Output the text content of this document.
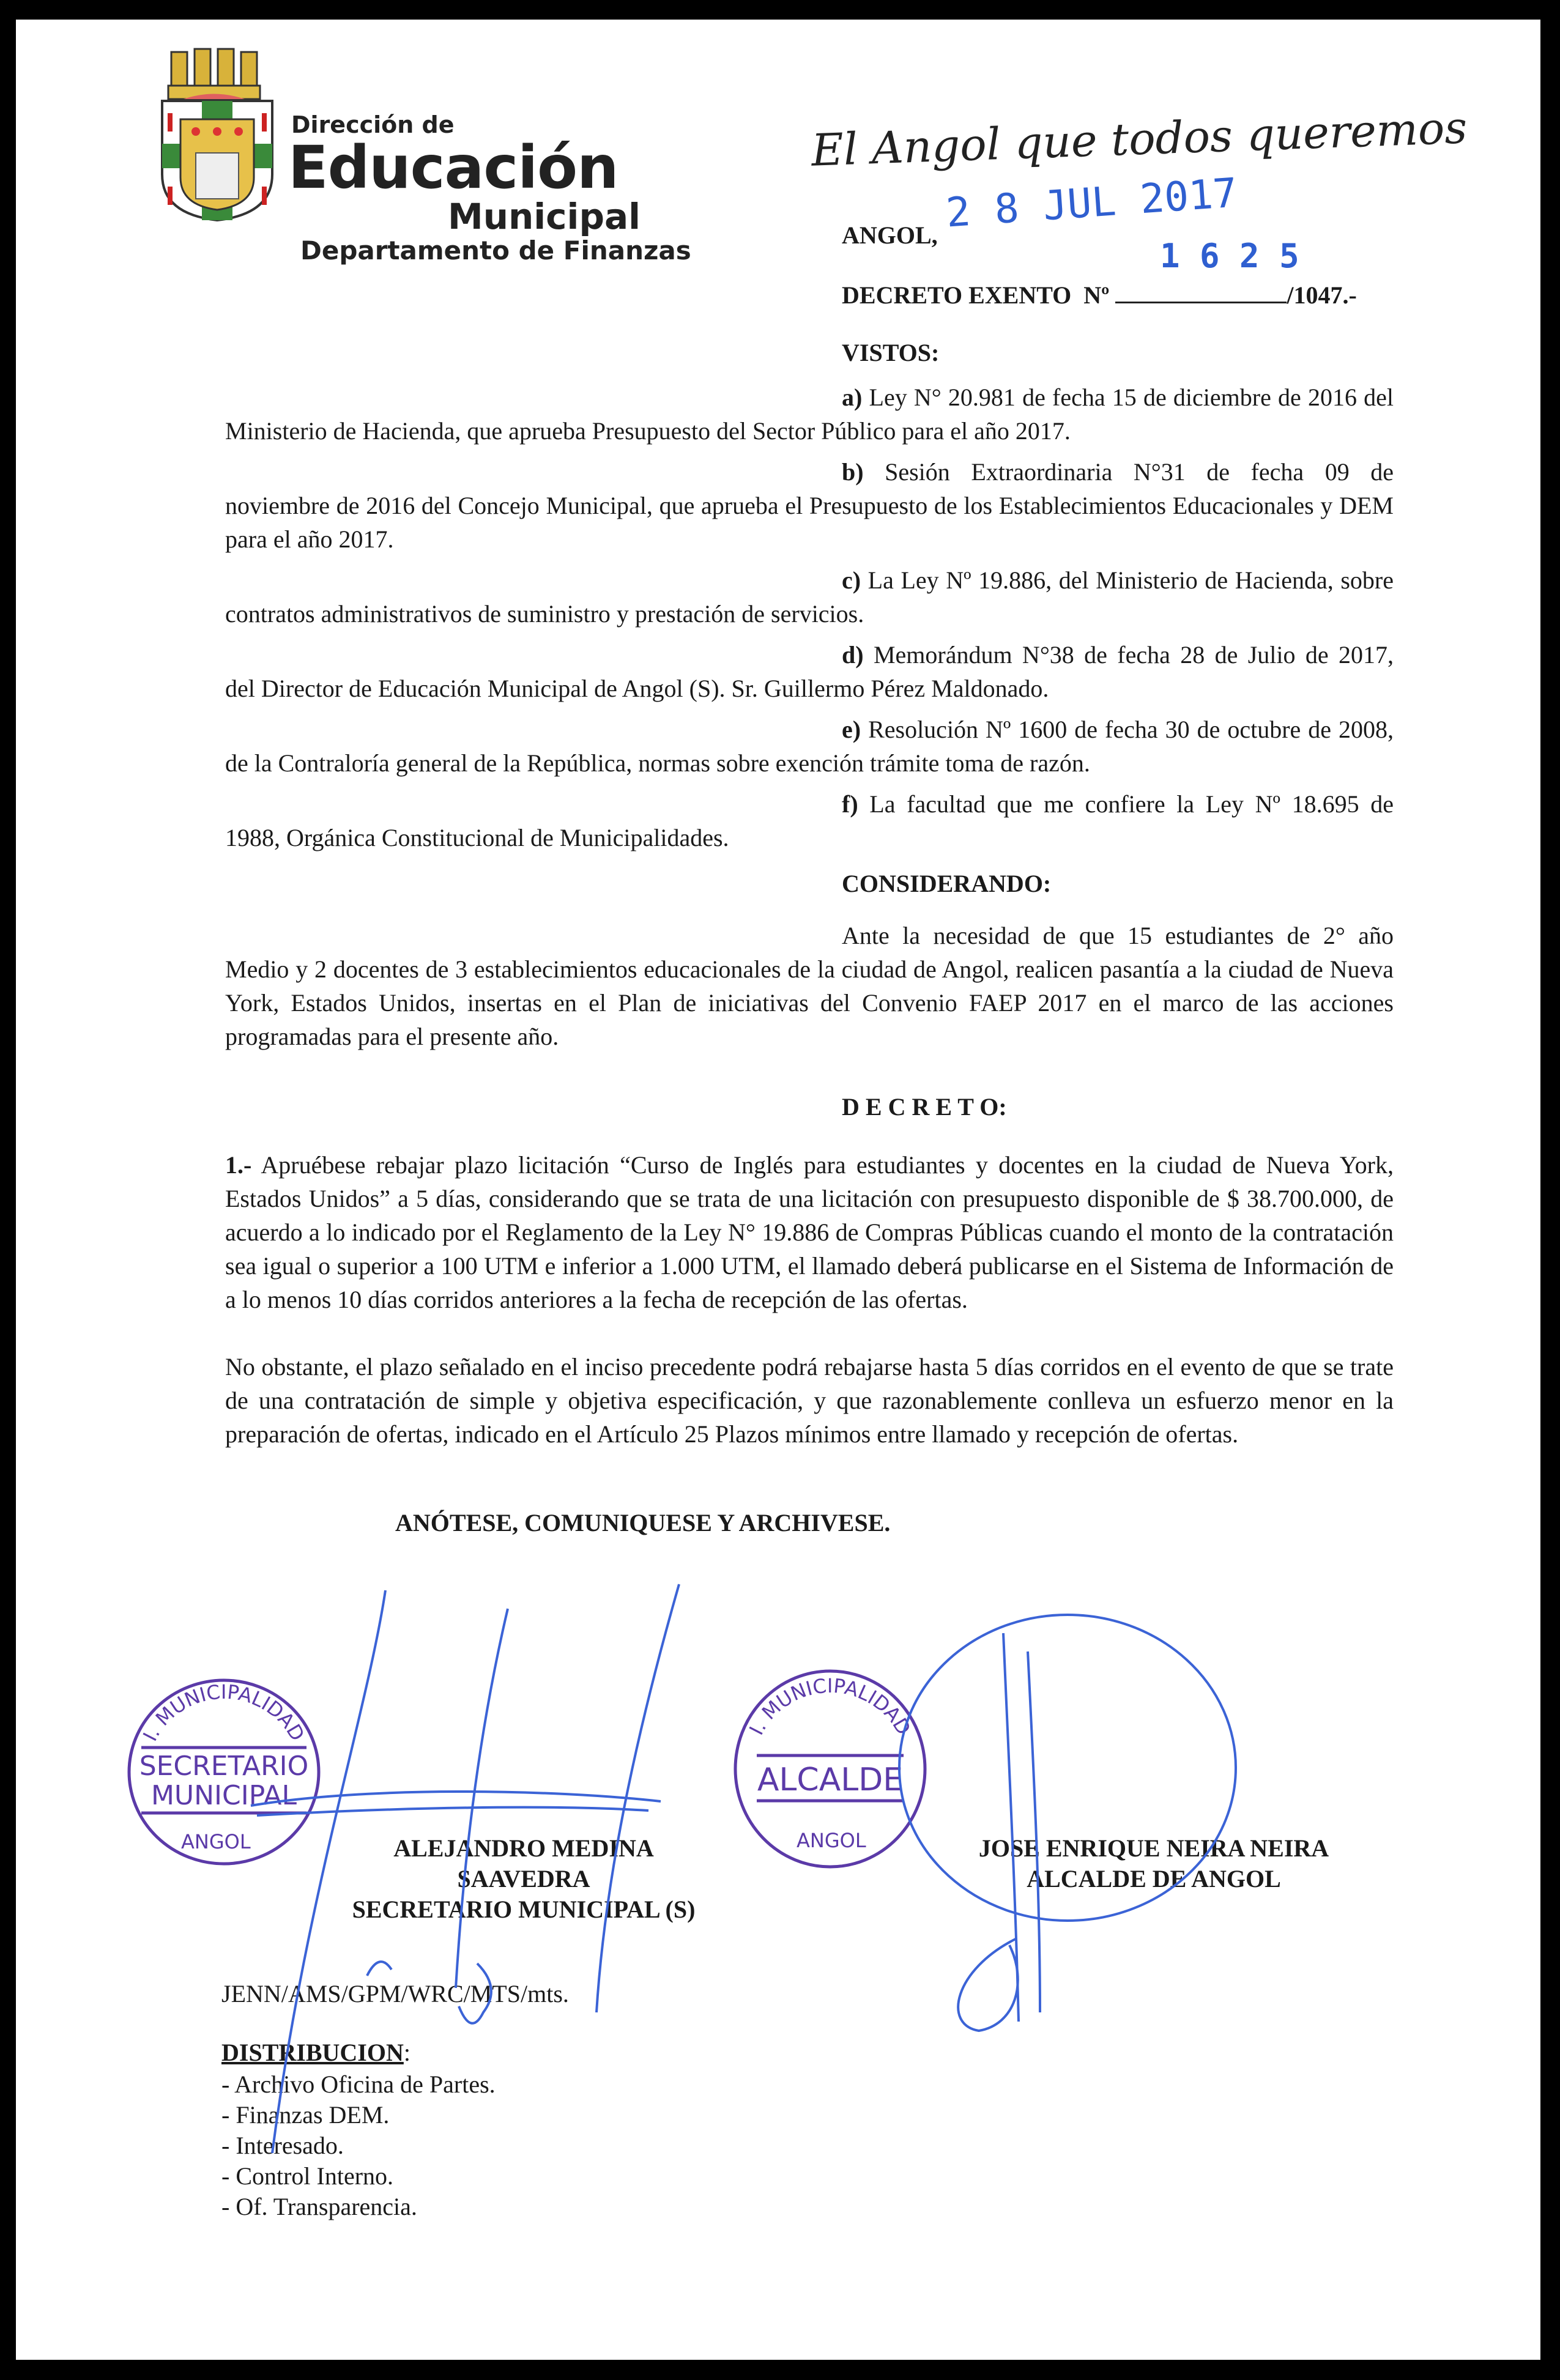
Dirección de
Educación
Municipal
Departamento de Finanzas
El Angol que todos queremos
ANGOL, 2 8 JUL 2017
DECRETO EXENTO  Nº	/1047.-
1 6 2 5
VISTOS:

a) Ley N° 20.981 de fecha 15 de diciembre de 2016 del Ministerio de Hacienda, que aprueba Presupuesto del Sector Público para el año 2017.

b) Sesión Extraordinaria N°31 de fecha 09 de noviembre de 2016 del Concejo Municipal, que aprueba el Presupuesto de los Establecimientos Educacionales y DEM para el año 2017.

c) La Ley Nº 19.886, del Ministerio de Hacienda, sobre contratos administrativos de suministro y prestación de servicios.

d) Memorándum N°38 de fecha 28 de Julio de 2017, del Director de Educación Municipal de Angol (S). Sr. Guillermo Pérez Maldonado.

e) Resolución Nº 1600 de fecha 30 de octubre de 2008, de la Contraloría general de la República, normas sobre exención trámite toma de razón.

f) La facultad que me confiere la Ley Nº 18.695 de 1988, Orgánica Constitucional de Municipalidades.

CONSIDERANDO:

Ante la necesidad de que 15 estudiantes de 2° año Medio y 2 docentes de 3 establecimientos educacionales de la ciudad de Angol, realicen pasantía a la ciudad de Nueva York, Estados Unidos, insertas en el Plan de iniciativas del Convenio FAEP 2017 en el marco de las acciones programadas para el presente año.

D E C R E T O:

1.- Apruébese rebajar plazo licitación “Curso de Inglés para estudiantes y docentes en la ciudad de Nueva York, Estados Unidos” a 5 días, considerando que se trata de una licitación con presupuesto disponible de $ 38.700.000, de acuerdo a lo indicado por el Reglamento de la Ley N° 19.886 de Compras Públicas cuando el monto de la contratación sea igual o superior a 100 UTM e inferior a 1.000 UTM, el llamado deberá publicarse en el Sistema de Información de a lo menos 10 días corridos anteriores a la fecha de recepción de las ofertas.

No obstante, el plazo señalado en el inciso precedente podrá rebajarse hasta 5 días corridos en el evento de que se trate de una contratación de simple y objetiva especificación, y que razonablemente conlleva un esfuerzo menor en la preparación de ofertas, indicado en el Artículo 25 Plazos mínimos entre llamado y recepción de ofertas.

ANÓTESE, COMUNIQUESE Y ARCHIVESE.
I. MUNICIPALIDAD
SECRETARIO
MUNICIPAL
ANGOL
I. MUNICIPALIDAD
ALCALDE
ANGOL
ALEJANDRO MEDINA SAAVEDRA
SECRETARIO MUNICIPAL (S)
JOSE ENRIQUE NEIRA NEIRA
ALCALDE DE ANGOL
JENN/AMS/GPM/WRC/MTS/mts.
DISTRIBUCION:
- Archivo Oficina de Partes.
- Finanzas DEM.
- Interesado.
- Control Interno.
- Of. Transparencia.
